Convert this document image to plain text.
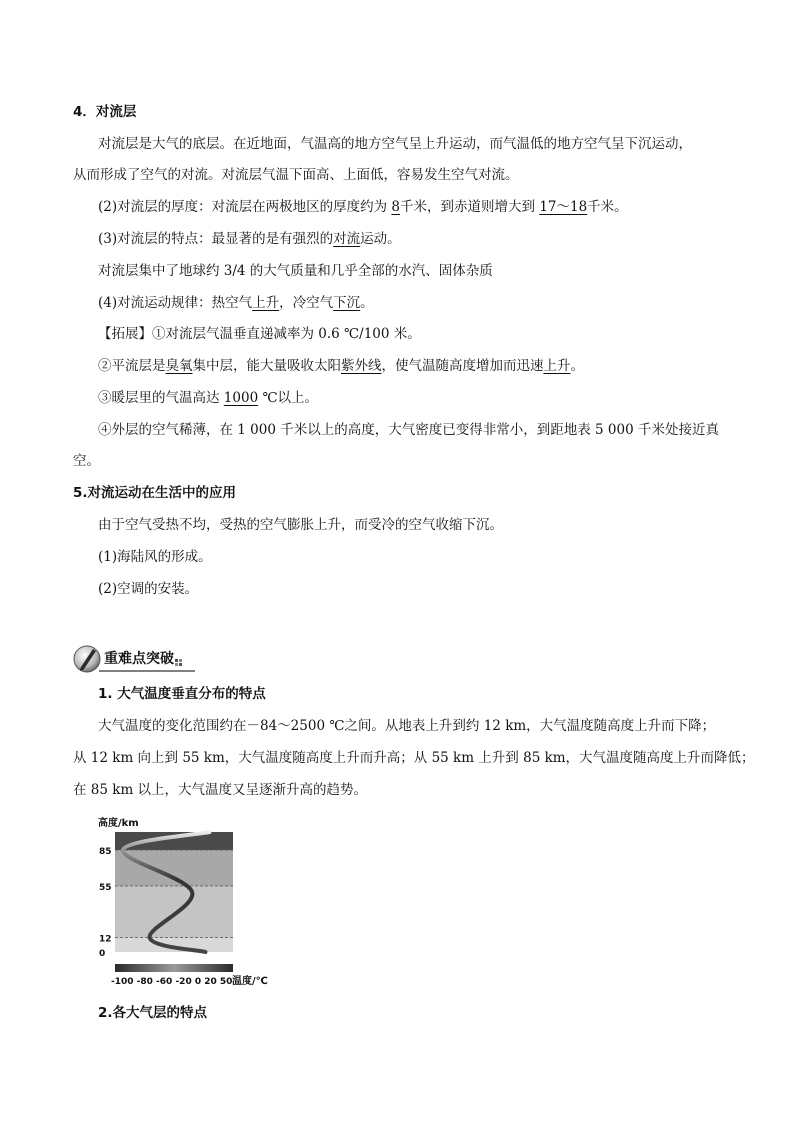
4．对流层
对流层是大气的底层。在近地面，气温高的地方空气呈上升运动，而气温低的地方空气呈下沉运动，
从而形成了空气的对流。对流层气温下面高、上面低，容易发生空气对流。
(2)对流层的厚度：对流层在两极地区的厚度约为 8千米，到赤道则增大到 17～18千米。
(3)对流层的特点：最显著的是有强烈的对流运动。
对流层集中了地球约 3/4 的大气质量和几乎全部的水汽、固体杂质
(4)对流运动规律：热空气上升，冷空气下沉。
【拓展】①对流层气温垂直递减率为 0.6 ℃/100 米。
②平流层是臭氧集中层，能大量吸收太阳紫外线，使气温随高度增加而迅速上升。
③暖层里的气温高达 1000 ℃以上。
④外层的空气稀薄，在 1 000 千米以上的高度，大气密度已变得非常小，到距地表 5 000 千米处接近真
空。
5.对流运动在生活中的应用
由于空气受热不均，受热的空气膨胀上升，而受冷的空气收缩下沉。
(1)海陆风的形成。
(2)空调的安装。
重难点突破
1. 大气温度垂直分布的特点
大气温度的变化范围约在－84～2500 ℃之间。从地表上升到约 12 km，大气温度随高度上升而下降；
从 12 km 向上到 55 km，大气温度随高度上升而升高；从 55 km 上升到 85 km，大气温度随高度上升而降低；
在 85 km 以上，大气温度又呈逐渐升高的趋势。
高度/km
0
12
55
85
-100 -80 -60 -20 0 20 50 温度/℃
2.各大气层的特点
